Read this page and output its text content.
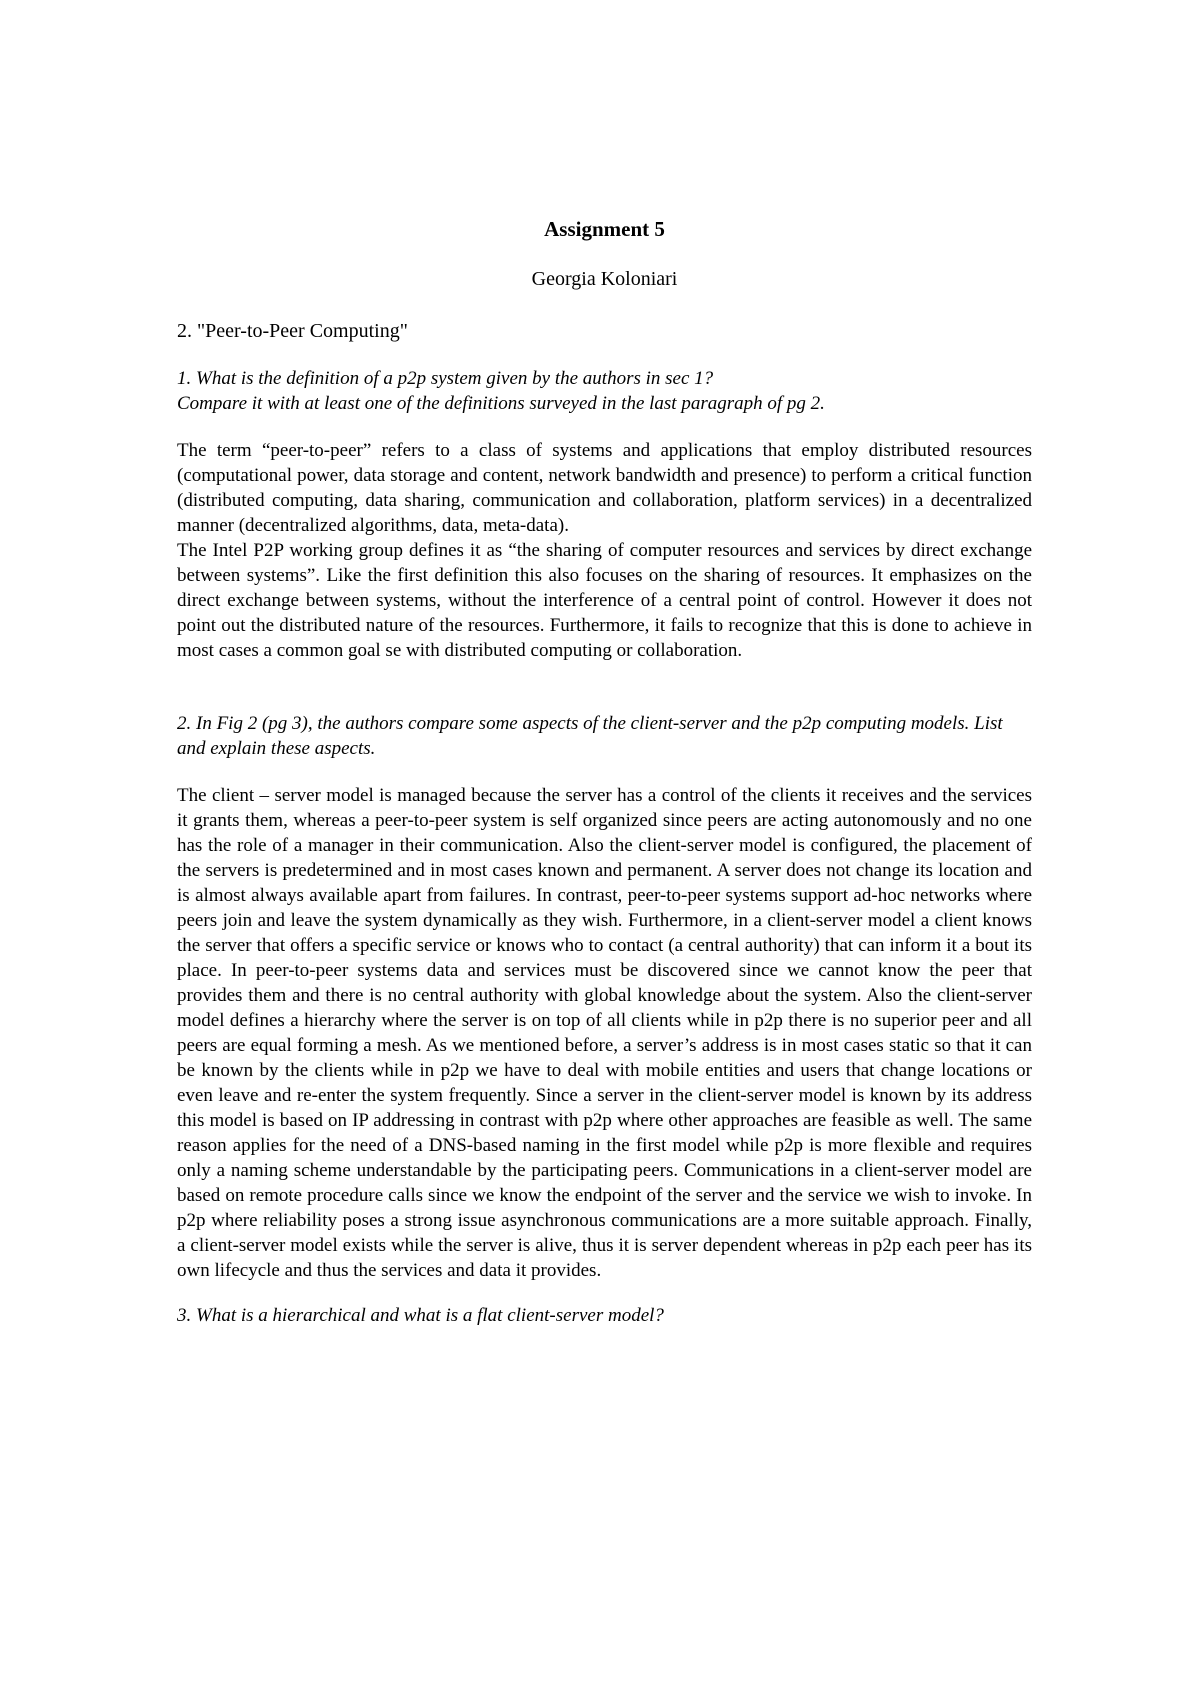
Assignment 5
Georgia Koloniari
2. "Peer-to-Peer Computing"
1. What is the definition of a p2p system given by the authors in sec 1?
Compare it with at least one of the definitions surveyed in the last paragraph of pg 2.

The term “peer-to-peer” refers to a class of systems and applications that employ distributed resources (computational power, data storage and content, network bandwidth and presence) to perform a critical function (distributed computing, data sharing, communication and collaboration, platform services) in a decentralized manner (decentralized algorithms, data, meta-data).

The Intel P2P working group defines it as “the sharing of computer resources and services by direct exchange between systems”. Like the first definition this also focuses on the sharing of resources. It emphasizes on the direct exchange between systems, without the interference of a central point of control. However it does not point out the distributed nature of the resources. Furthermore, it fails to recognize that this is done to achieve in most cases a common goal se with distributed computing or collaboration.

2. In Fig 2 (pg 3), the authors compare some aspects of the client-server and the p2p computing models. List and explain these aspects.

The client – server model is managed because the server has a control of the clients it receives and the services it grants them, whereas a peer-to-peer system is self organized since peers are acting autonomously and no one has the role of a manager in their communication. Also the client-server model is configured, the placement of the servers is predetermined and in most cases known and permanent. A server does not change its location and is almost always available apart from failures. In contrast, peer-to-peer systems support ad-hoc networks where peers join and leave the system dynamically as they wish. Furthermore, in a client-server model a client knows the server that offers a specific service or knows who to contact (a central authority) that can inform it a bout its place. In peer-to-peer systems data and services must be discovered since we cannot know the peer that provides them and there is no central authority with global knowledge about the system. Also the client-server model defines a hierarchy where the server is on top of all clients while in p2p there is no superior peer and all peers are equal forming a mesh. As we mentioned before, a server’s address is in most cases static so that it can be known by the clients while in p2p we have to deal with mobile entities and users that change locations or even leave and re-enter the system frequently. Since a server in the client-server model is known by its address this model is based on IP addressing in contrast with p2p where other approaches are feasible as well. The same reason applies for the need of a DNS-based naming in the first model while p2p is more flexible and requires only a naming scheme understandable by the participating peers. Communications in a client-server model are based on remote procedure calls since we know the endpoint of the server and the service we wish to invoke. In p2p where reliability poses a strong issue asynchronous communications are a more suitable approach. Finally, a client-server model exists while the server is alive, thus it is server dependent whereas in p2p each peer has its own lifecycle and thus the services and data it provides.

3. What is a hierarchical and what is a flat client-server model?
